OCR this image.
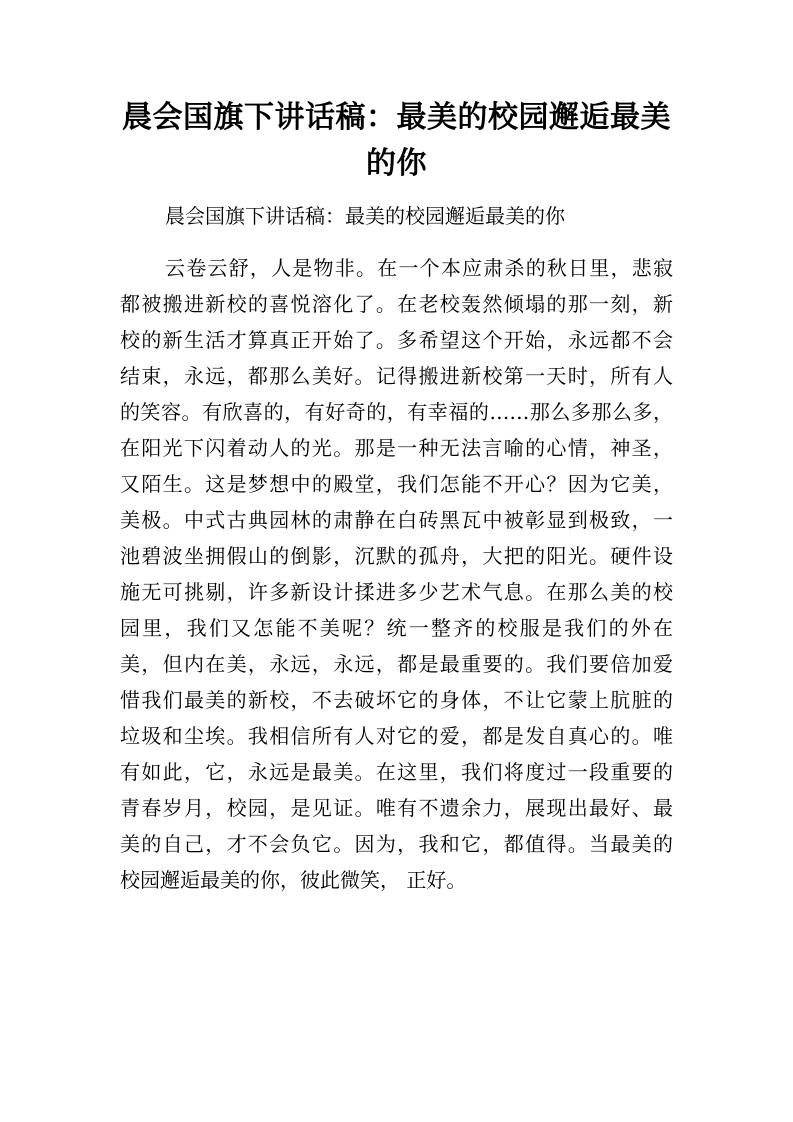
晨会国旗下讲话稿：最美的校园邂逅最美的你

晨会国旗下讲话稿：最美的校园邂逅最美的你

云卷云舒，人是物非。在一个本应肃杀的秋日里，悲寂
都被搬进新校的喜悦溶化了。在老校轰然倾塌的那一刻，新
校的新生活才算真正开始了。多希望这个开始，永远都不会
结束，永远，都那么美好。记得搬进新校第一天时，所有人
的笑容。有欣喜的，有好奇的，有幸福的……那么多那么多，
在阳光下闪着动人的光。那是一种无法言喻的心情，神圣，
又陌生。这是梦想中的殿堂，我们怎能不开心？因为它美，
美极。中式古典园林的肃静在白砖黑瓦中被彰显到极致，一
池碧波坐拥假山的倒影，沉默的孤舟，大把的阳光。硬件设
施无可挑剔，许多新设计揉进多少艺术气息。在那么美的校
园里，我们又怎能不美呢？统一整齐的校服是我们的外在
美，但内在美，永远，永远，都是最重要的。我们要倍加爱
惜我们最美的新校，不去破坏它的身体，不让它蒙上肮脏的
垃圾和尘埃。我相信所有人对它的爱，都是发自真心的。唯
有如此，它，永远是最美。在这里，我们将度过一段重要的
青春岁月，校园，是见证。唯有不遗余力，展现出最好、最
美的自己，才不会负它。因为，我和它，都值得。当最美的
校园邂逅最美的你，彼此微笑， 正好。
